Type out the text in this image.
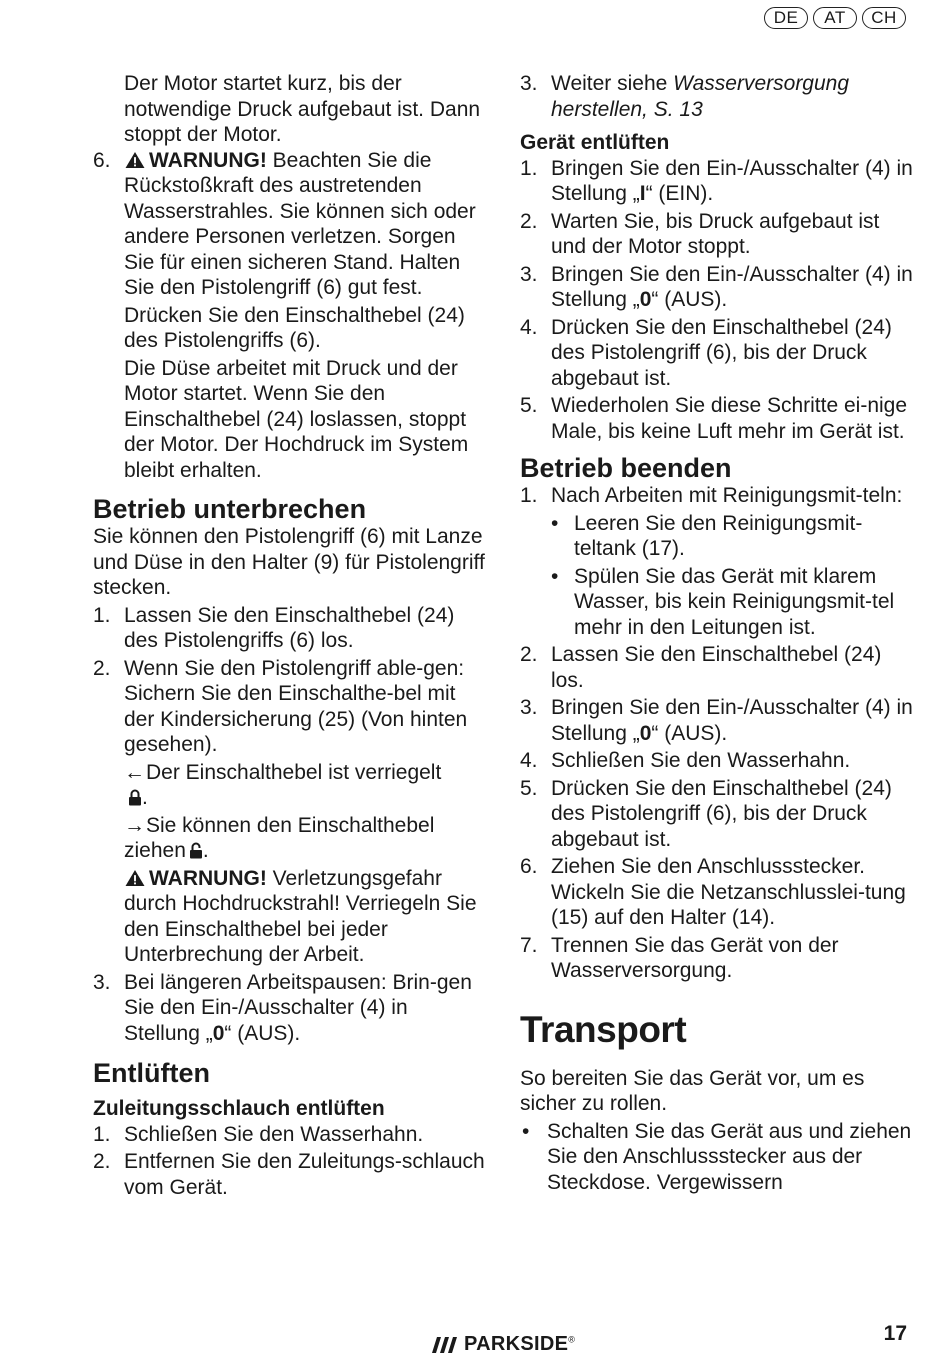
DE	AT	CH

Der Motor startet kurz, bis der notwendige Druck aufgebaut ist. Dann stoppt der Motor.

6.	WARNUNG! Beachten Sie die Rückstoßkraft des austretenden Wasserstrahles. Sie können sich oder andere Personen verletzen. Sorgen Sie für einen sicheren Stand. Halten Sie den Pistolengriff (6) gut fest.

Drücken Sie den Einschalthebel (24) des Pistolengriffs (6).

Die Düse arbeitet mit Druck und der Motor startet. Wenn Sie den Einschalthebel (24) loslassen, stoppt der Motor. Der Hochdruck im System bleibt erhalten.

Betrieb unterbrechen

Sie können den Pistolengriff (6) mit Lanze und Düse in den Halter (9) für Pistolengriff stecken.

1. Lassen Sie den Einschalthebel (24) des Pistolengriffs (6) los.

2. Wenn Sie den Pistolengriff able-gen: Sichern Sie den Einschalthe-bel mit der Kindersicherung (25) (Von hinten gesehen).

←Der Einschalthebel ist verriegelt
.

→Sie können den Einschalthebel ziehen .

WARNUNG! Verletzungsgefahr durch Hochdruckstrahl! Verriegeln Sie den Einschalthebel bei jeder Unterbrechung der Arbeit.

3. Bei längeren Arbeitspausen: Brin-gen Sie den Ein-/Ausschalter (4) in Stellung „0“ (AUS).

Entlüften
Zuleitungsschlauch entlüften
1. Schließen Sie den Wasserhahn.

2. Entfernen Sie den Zuleitungs-schlauch vom Gerät.

3. Weiter siehe Wasserversorgung herstellen, S. 13

Gerät entlüften
1. Bringen Sie den Ein-/Ausschalter (4) in Stellung „I“ (EIN).

2. Warten Sie, bis Druck aufgebaut ist und der Motor stoppt.

3. Bringen Sie den Ein-/Ausschalter (4) in Stellung „0“ (AUS).

4. Drücken Sie den Einschalthebel (24) des Pistolengriff (6), bis der Druck abgebaut ist.

5. Wiederholen Sie diese Schritte ei-nige Male, bis keine Luft mehr im Gerät ist.

Betrieb beenden
1. Nach Arbeiten mit Reinigungsmit-teln:

• Leeren Sie den Reinigungsmit-teltank (17).

• Spülen Sie das Gerät mit klarem Wasser, bis kein Reinigungsmit-tel mehr in den Leitungen ist.

2. Lassen Sie den Einschalthebel (24) los.

3. Bringen Sie den Ein-/Ausschalter (4) in Stellung „0“ (AUS).

4. Schließen Sie den Wasserhahn.

5. Drücken Sie den Einschalthebel (24) des Pistolengriff (6), bis der Druck abgebaut ist.

6. Ziehen Sie den Anschlussstecker. Wickeln Sie die Netzanschlusslei-tung (15) auf den Halter (14).

7. Trennen Sie das Gerät von der Wasserversorgung.

Transport

So bereiten Sie das Gerät vor, um es sicher zu rollen.

• Schalten Sie das Gerät aus und ziehen Sie den Anschlussstecker aus der Steckdose. Vergewissern

PARKSIDE®	17
